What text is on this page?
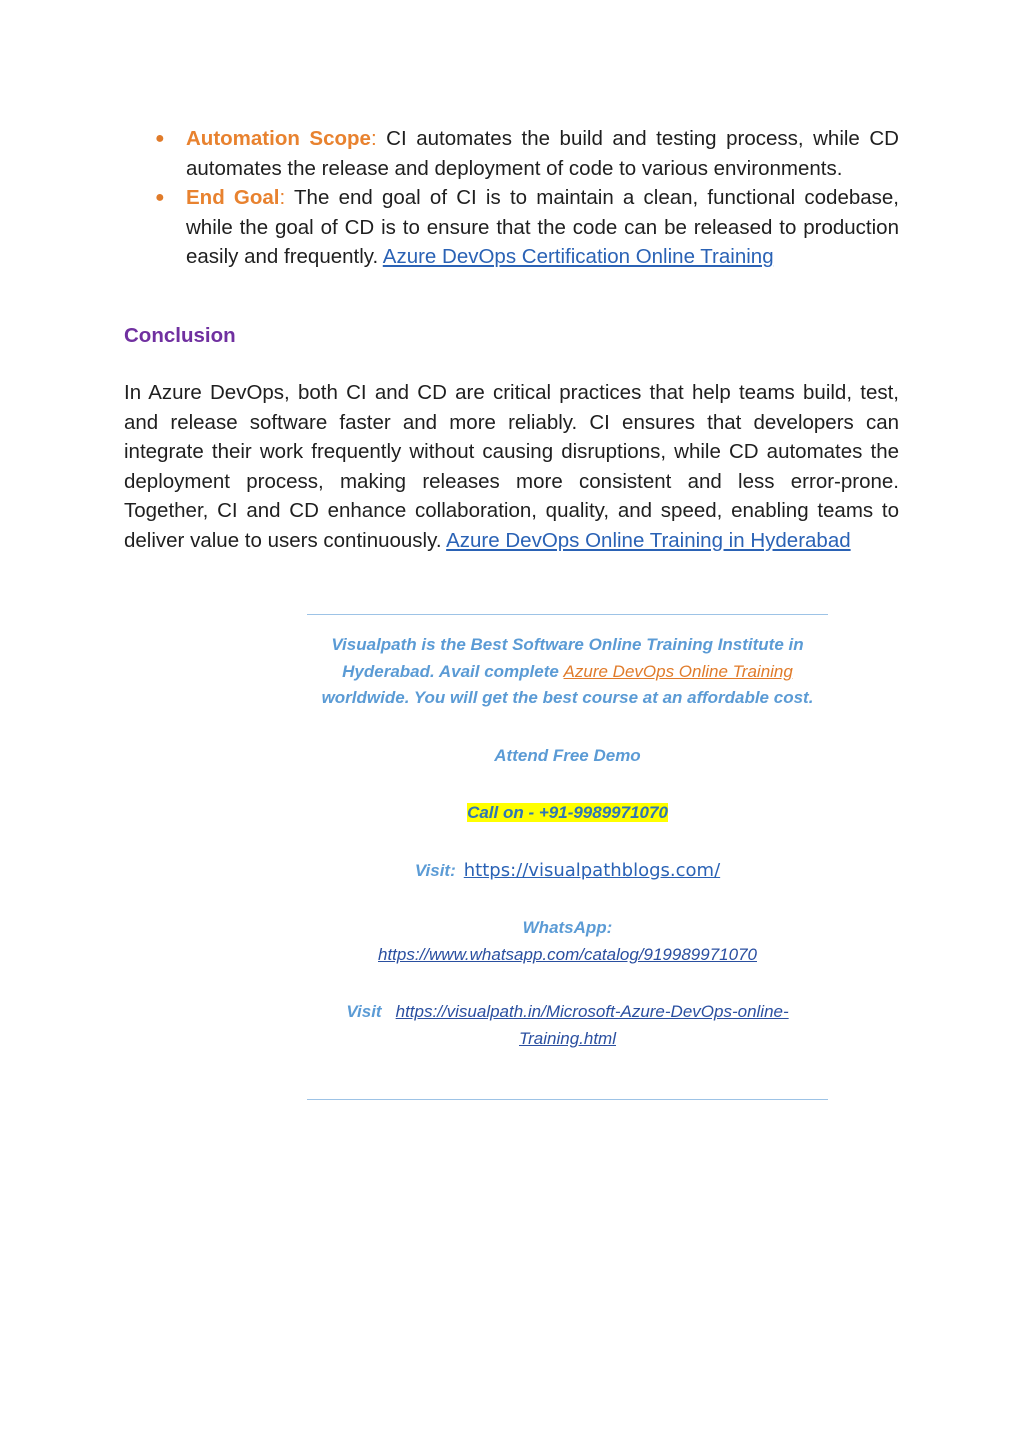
● Automation Scope: CI automates the build and testing process, while CD automates the release and deployment of code to various environments.
● End Goal: The end goal of CI is to maintain a clean, functional codebase, while the goal of CD is to ensure that the code can be released to production easily and frequently. Azure DevOps Certification Online Training
Conclusion

In Azure DevOps, both CI and CD are critical practices that help teams build, test, and release software faster and more reliably. CI ensures that developers can integrate their work frequently without causing disruptions, while CD automates the deployment process, making releases more consistent and less error-prone. Together, CI and CD enhance collaboration, quality, and speed, enabling teams to deliver value to users continuously. Azure DevOps Online Training in Hyderabad

Visualpath is the Best Software Online Training Institute in Hyderabad. Avail complete Azure DevOps Online Training worldwide. You will get the best course at an affordable cost.

Attend Free Demo

Call on - +91-9989971070

Visit: https://visualpathblogs.com/

WhatsApp:
https://www.whatsapp.com/catalog/919989971070

Visit https://visualpath.in/Microsoft-Azure-DevOps-online-Training.html
